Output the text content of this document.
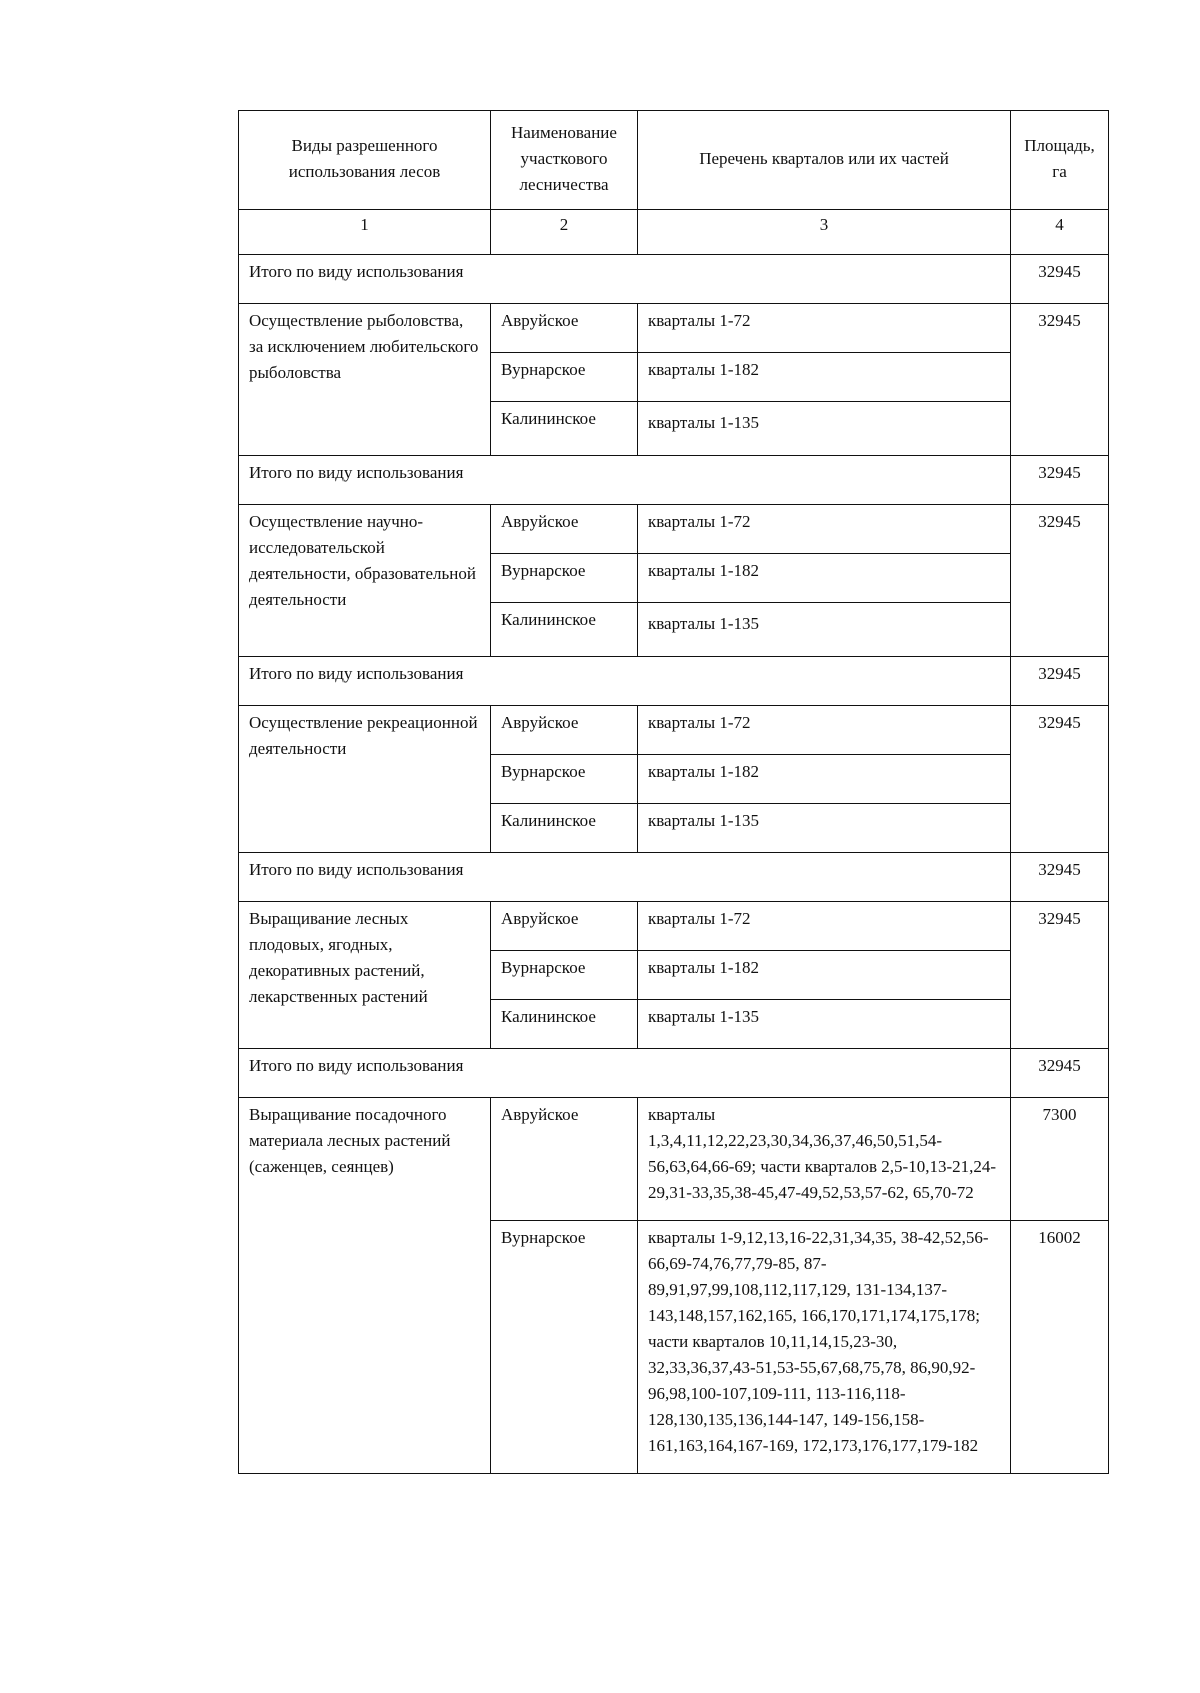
Виды разрешенного использования лесов	Наименование участкового лесничества	Перечень кварталов или их частей	Площадь, га
1	2	3	4
Итого по виду использования			32945
Осуществление рыболовства, за исключением любительского рыболовства	Авруйское	кварталы 1-72	32945
	Вурнарское	кварталы 1-182	
	Калининское	кварталы 1-135	
Итого по виду использования			32945
Осуществление научно-исследовательской деятельности, образовательной деятельности	Авруйское	кварталы 1-72	32945
	Вурнарское	кварталы 1-182	
	Калининское	кварталы 1-135	
Итого по виду использования			32945
Осуществление рекреационной деятельности	Авруйское	кварталы 1-72	32945
	Вурнарское	кварталы 1-182	
	Калининское	кварталы 1-135	
Итого по виду использования			32945
Выращивание лесных плодовых, ягодных, декоративных растений, лекарственных растений	Авруйское	кварталы 1-72	32945
	Вурнарское	кварталы 1-182	
	Калининское	кварталы 1-135	
Итого по виду использования			32945
Выращивание посадочного материала лесных растений (саженцев, сеянцев)	Авруйское	кварталы 1,3,4,11,12,22,23,30,34,36,37,46,50,51,54-56,63,64,66-69; части кварталов 2,5-10,13-21,24-29,31-33,35,38-45,47-49,52,53,57-62, 65,70-72	7300
	Вурнарское	кварталы 1-9,12,13,16-22,31,34,35, 38-42,52,56-66,69-74,76,77,79-85, 87-89,91,97,99,108,112,117,129, 131-134,137-143,148,157,162,165, 166,170,171,174,175,178; части кварталов 10,11,14,15,23-30, 32,33,36,37,43-51,53-55,67,68,75,78, 86,90,92-96,98,100-107,109-111, 113-116,118-128,130,135,136,144-147, 149-156,158-161,163,164,167-169, 172,173,176,177,179-182	16002
